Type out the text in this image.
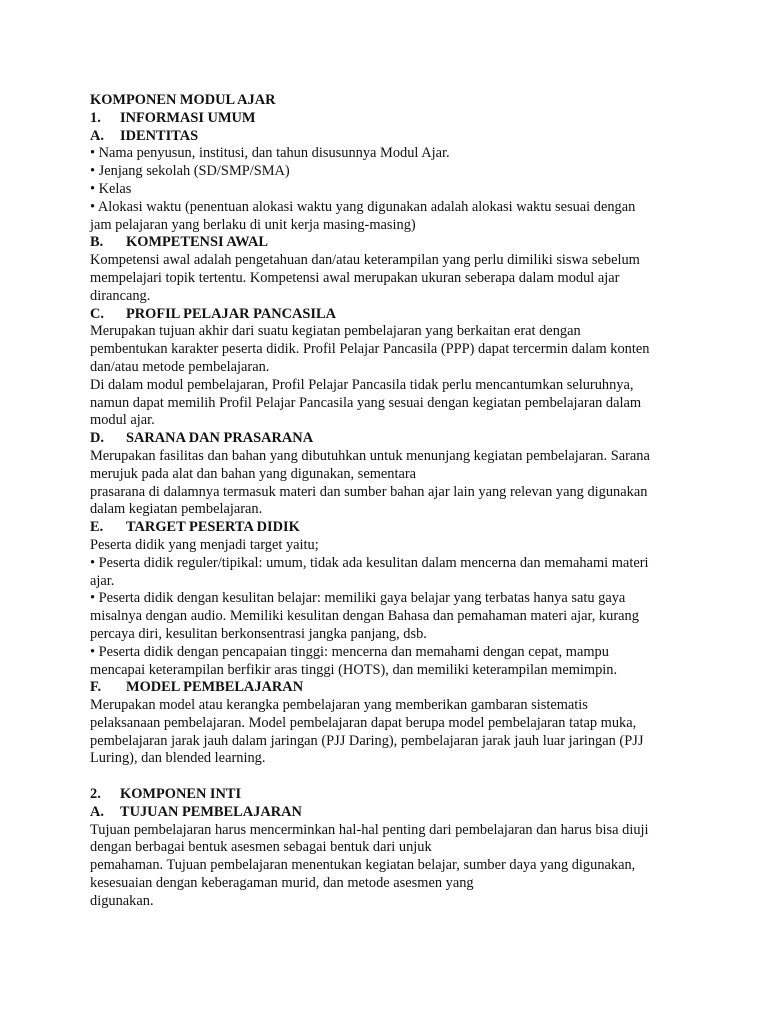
KOMPONEN MODUL AJAR
1. INFORMASI UMUM
A. IDENTITAS
• Nama penyusun, institusi, dan tahun disusunnya Modul Ajar.
• Jenjang sekolah (SD/SMP/SMA)
• Kelas
• Alokasi waktu (penentuan alokasi waktu yang digunakan adalah alokasi waktu sesuai dengan
jam pelajaran yang berlaku di unit kerja masing-masing)
B. KOMPETENSI AWAL
Kompetensi awal adalah pengetahuan dan/atau keterampilan yang perlu dimiliki siswa sebelum
mempelajari topik tertentu. Kompetensi awal merupakan ukuran seberapa dalam modul ajar
dirancang.
C. PROFIL PELAJAR PANCASILA
Merupakan tujuan akhir dari suatu kegiatan pembelajaran yang berkaitan erat dengan
pembentukan karakter peserta didik. Profil Pelajar Pancasila (PPP) dapat tercermin dalam konten
dan/atau metode pembelajaran.
Di dalam modul pembelajaran, Profil Pelajar Pancasila tidak perlu mencantumkan seluruhnya,
namun dapat memilih Profil Pelajar Pancasila yang sesuai dengan kegiatan pembelajaran dalam
modul ajar.
D. SARANA DAN PRASARANA
Merupakan fasilitas dan bahan yang dibutuhkan untuk menunjang kegiatan pembelajaran. Sarana
merujuk pada alat dan bahan yang digunakan, sementara
prasarana di dalamnya termasuk materi dan sumber bahan ajar lain yang relevan yang digunakan
dalam kegiatan pembelajaran.
E. TARGET PESERTA DIDIK
Peserta didik yang menjadi target yaitu;
• Peserta didik reguler/tipikal: umum, tidak ada kesulitan dalam mencerna dan memahami materi
ajar.
• Peserta didik dengan kesulitan belajar: memiliki gaya belajar yang terbatas hanya satu gaya
misalnya dengan audio. Memiliki kesulitan dengan Bahasa dan pemahaman materi ajar, kurang
percaya diri, kesulitan berkonsentrasi jangka panjang, dsb.
• Peserta didik dengan pencapaian tinggi: mencerna dan memahami dengan cepat, mampu
mencapai keterampilan berfikir aras tinggi (HOTS), dan memiliki keterampilan memimpin.
F. MODEL PEMBELAJARAN
Merupakan model atau kerangka pembelajaran yang memberikan gambaran sistematis
pelaksanaan pembelajaran. Model pembelajaran dapat berupa model pembelajaran tatap muka,
pembelajaran jarak jauh dalam jaringan (PJJ Daring), pembelajaran jarak jauh luar jaringan (PJJ
Luring), dan blended learning.
2. KOMPONEN INTI
A. TUJUAN PEMBELAJARAN
Tujuan pembelajaran harus mencerminkan hal-hal penting dari pembelajaran dan harus bisa diuji
dengan berbagai bentuk asesmen sebagai bentuk dari unjuk
pemahaman. Tujuan pembelajaran menentukan kegiatan belajar, sumber daya yang digunakan,
kesesuaian dengan keberagaman murid, dan metode asesmen yang
digunakan.
